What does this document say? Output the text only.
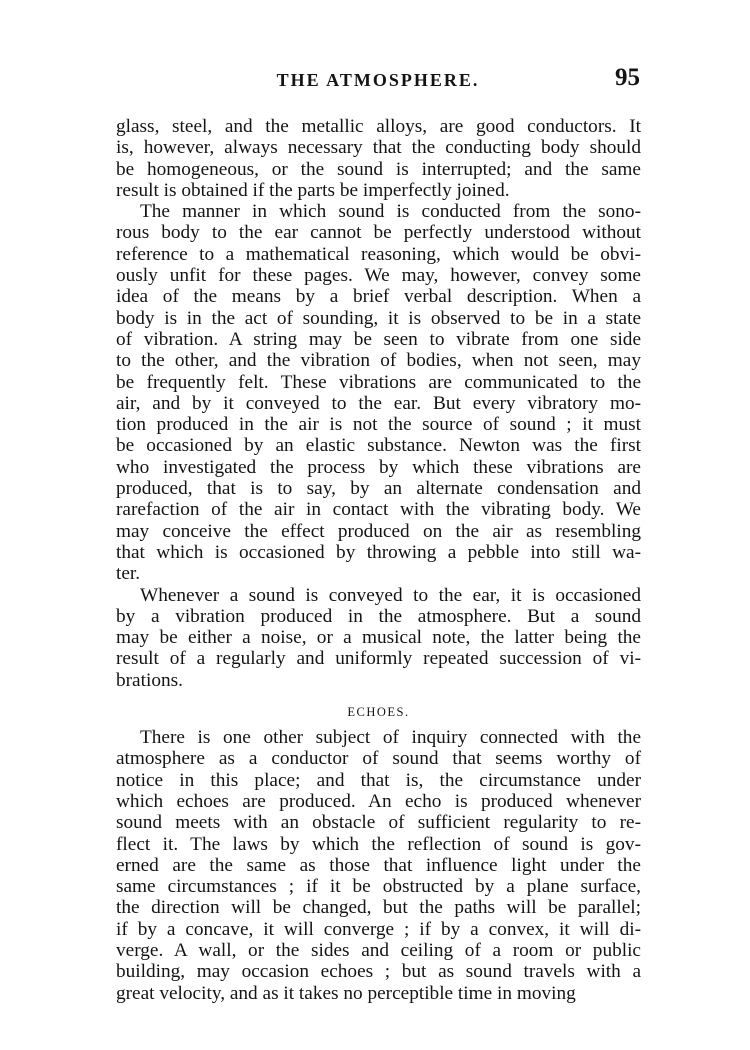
THE ATMOSPHERE.	95
glass, steel, and the metallic alloys, are good conductors. It
is, however, always necessary that the conducting body should
be homogeneous, or the sound is interrupted; and the same
result is obtained if the parts be imperfectly joined.
The manner in which sound is conducted from the sono-
rous body to the ear cannot be perfectly understood without
reference to a mathematical reasoning, which would be obvi-
ously unfit for these pages. We may, however, convey some
idea of the means by a brief verbal description. When a
body is in the act of sounding, it is observed to be in a state
of vibration. A string may be seen to vibrate from one side
to the other, and the vibration of bodies, when not seen, may
be frequently felt. These vibrations are communicated to the
air, and by it conveyed to the ear. But every vibratory mo-
tion produced in the air is not the source of sound ; it must
be occasioned by an elastic substance. Newton was the first
who investigated the process by which these vibrations are
produced, that is to say, by an alternate condensation and
rarefaction of the air in contact with the vibrating body. We
may conceive the effect produced on the air as resembling
that which is occasioned by throwing a pebble into still wa-
ter.
Whenever a sound is conveyed to the ear, it is occasioned
by a vibration produced in the atmosphere. But a sound
may be either a noise, or a musical note, the latter being the
result of a regularly and uniformly repeated succession of vi-
brations.
ECHOES.
There is one other subject of inquiry connected with the
atmosphere as a conductor of sound that seems worthy of
notice in this place; and that is, the circumstance under
which echoes are produced. An echo is produced whenever
sound meets with an obstacle of sufficient regularity to re-
flect it. The laws by which the reflection of sound is gov-
erned are the same as those that influence light under the
same circumstances ; if it be obstructed by a plane surface,
the direction will be changed, but the paths will be parallel;
if by a concave, it will converge ; if by a convex, it will di-
verge. A wall, or the sides and ceiling of a room or public
building, may occasion echoes ; but as sound travels with a
great velocity, and as it takes no perceptible time in moving
